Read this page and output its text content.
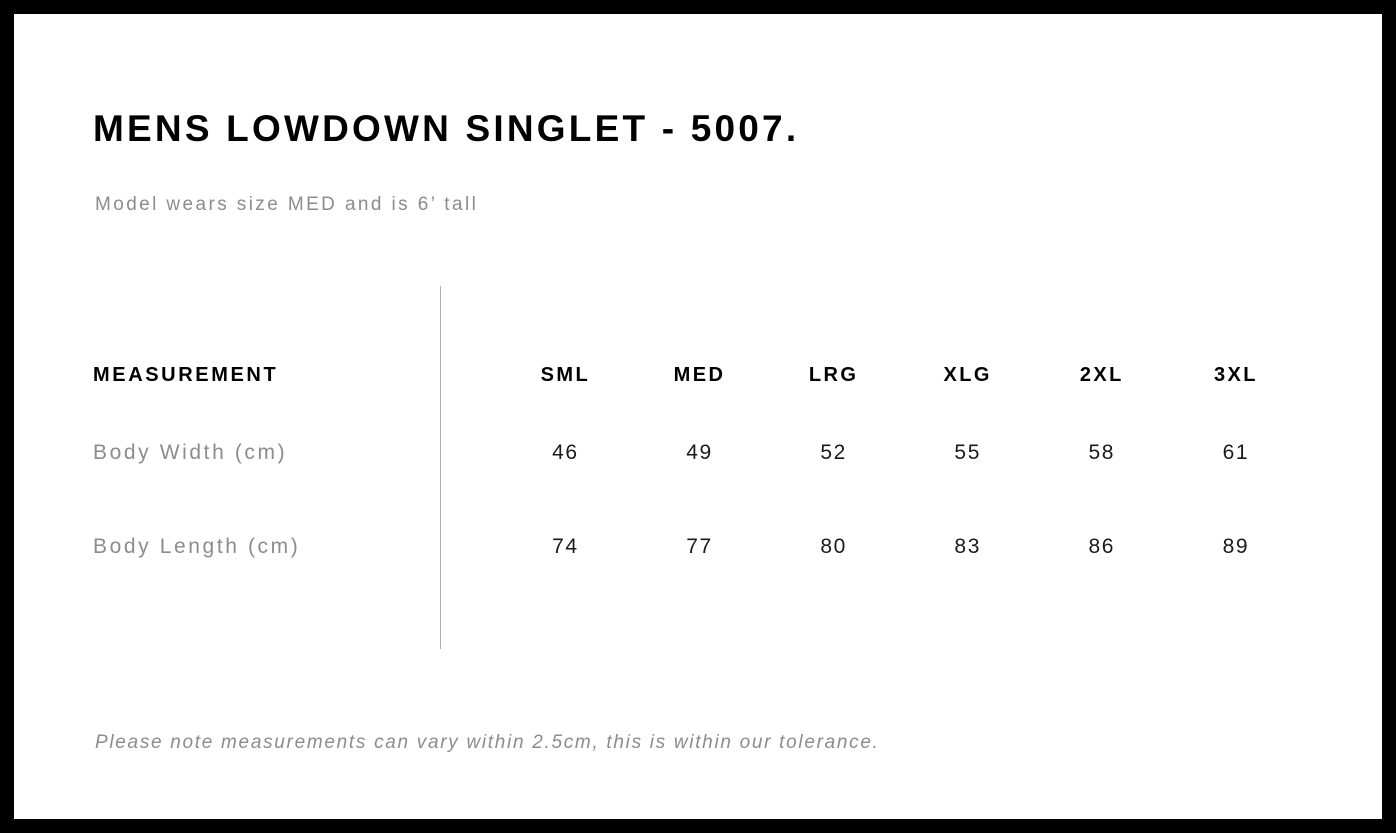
MENS LOWDOWN SINGLET - 5007.
Model wears size MED and is 6’ tall
MEASUREMENT	SML	MED	LRG	XLG	2XL	3XL
Body Width (cm)	46	49	52	55	58	61
Body Length (cm)	74	77	80	83	86	89
Please note measurements can vary within 2.5cm, this is within our tolerance.
